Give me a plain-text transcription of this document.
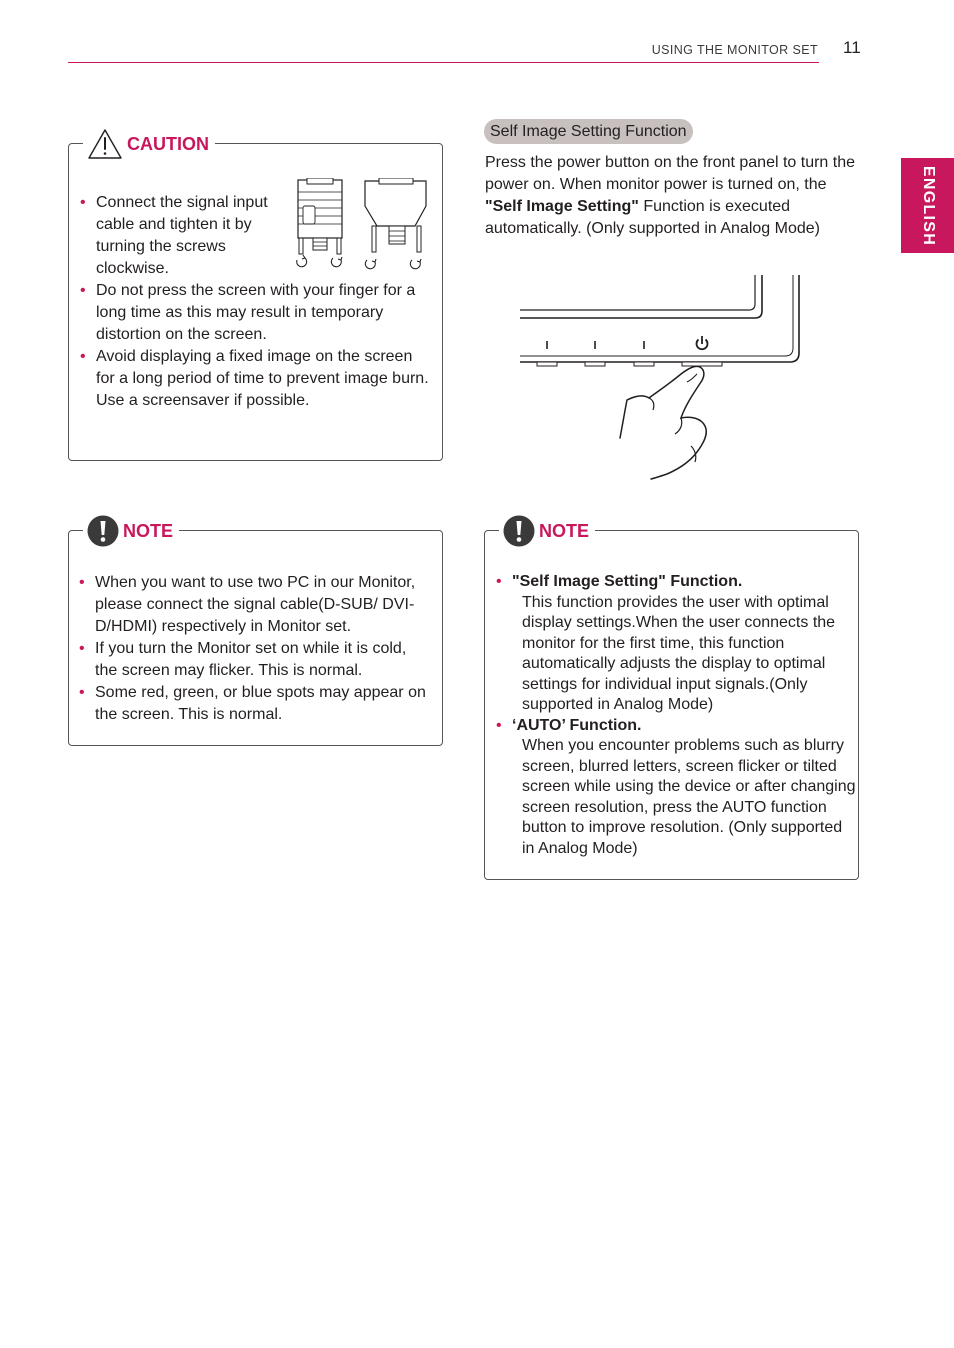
USING THE MONITOR SET 11
ENGLISH
CAUTION
• Connect the signal input cable and tighten it by turning the screws clockwise.
• Do not press the screen with your finger for a long time as this may result in temporary distortion on the screen.
• Avoid displaying a fixed image on the screen for a long period of time to prevent image burn. Use a screensaver if possible.
NOTE
• When you want to use two PC in our Monitor, please connect the signal cable(D-SUB/ DVI-D/HDMI) respectively in Monitor set.
• If you turn the Monitor set on while it is cold, the screen may flicker. This is normal.
• Some red, green, or blue spots may appear on the screen. This is normal.
Self Image Setting Function

Press the power button on the front panel to turn the power on. When monitor power is turned on, the "Self Image Setting" Function is executed automatically. (Only supported in Analog Mode)

NOTE
• "Self Image Setting" Function.
This function provides the user with optimal display settings.When the user connects the monitor for the first time, this function automatically adjusts the display to optimal settings for individual input signals.(Only supported in Analog Mode)
• ‘AUTO’ Function.
When you encounter problems such as blurry screen, blurred letters, screen flicker or tilted screen while using the device or after changing screen resolution, press the AUTO function button to improve resolution. (Only supported in Analog Mode)
